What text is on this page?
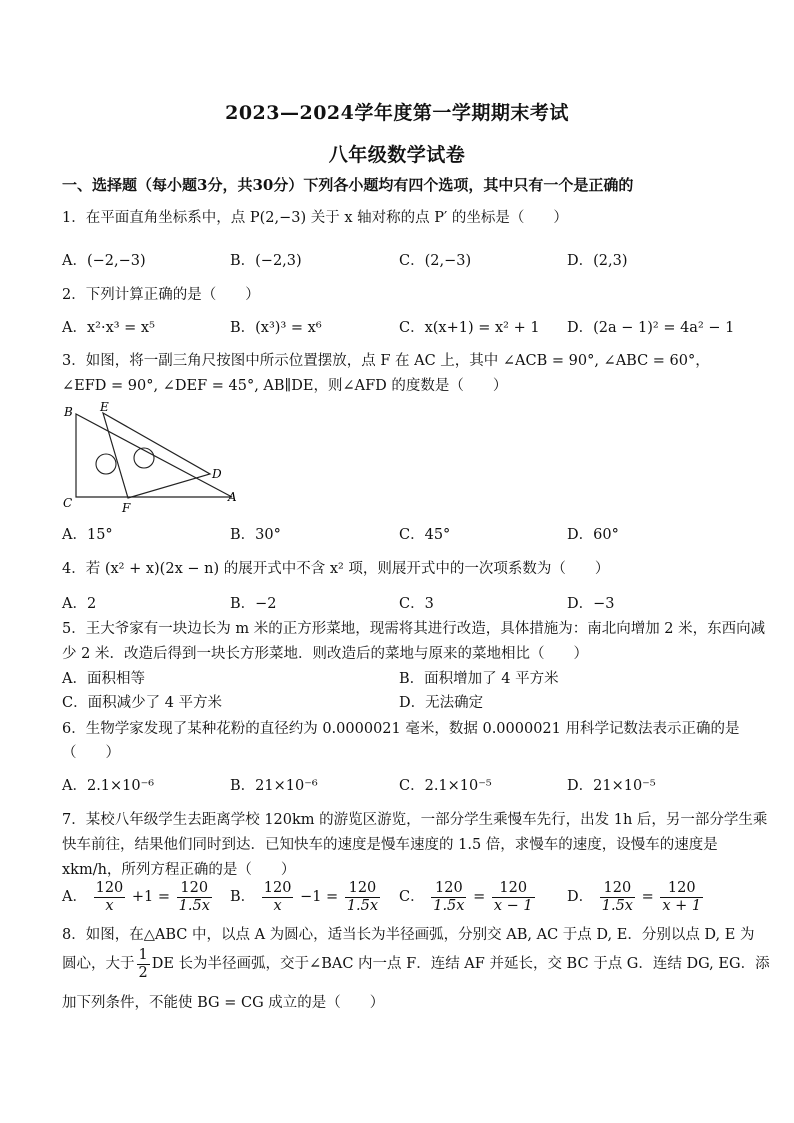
2023—2024学年度第一学期期末考试
八年级数学试卷
一、选择题（每小题3分，共30分）下列各小题均有四个选项，其中只有一个是正确的
1．在平面直角坐标系中，点 P(2,−3) 关于 x 轴对称的点 P′ 的坐标是（　　）
A．(−2,−3)	B．(−2,3)	C．(2,−3)	D．(2,3)
2．下列计算正确的是（　　）
A．x²·x³ = x⁵	B．(x³)³ = x⁶	C．x(x+1) = x² + 1 D．(2a − 1)² = 4a² − 1
3．如图，将一副三角尺按图中所示位置摆放，点 F 在 AC 上，其中 ∠ACB = 90°, ∠ABC = 60°，
∠EFD = 90°, ∠DEF = 45°, AB∥DE，则∠AFD 的度数是（　　）
B E
D
C	F
A
A．15°	B．30°	C．45°	D．60°
4．若 (x² + x)(2x − n) 的展开式中不含 x² 项，则展开式中的一次项系数为（　　）
A．2	B．−2	C．3	D．−3
5．王大爷家有一块边长为 m 米的正方形菜地，现需将其进行改造，具体措施为：南北向增加 2 米，东西向减
少 2 米．改造后得到一块长方形菜地．则改造后的菜地与原来的菜地相比（　　）
A．面积相等	B．面积增加了 4 平方米
C．面积减少了 4 平方米	D．无法确定
6．生物学家发现了某种花粉的直径约为 0.0000021 毫米，数据 0.0000021 用科学记数法表示正确的是
（　　）
A．2.1×10⁻⁶	B．21×10⁻⁶	C．2.1×10⁻⁵	D．21×10⁻⁵
7．某校八年级学生去距离学校 120km 的游览区游览，一部分学生乘慢车先行，出发 1h 后，另一部分学生乘
快车前往，结果他们同时到达．已知快车的速度是慢车速度的 1.5 倍，求慢车的速度，设慢车的速度是
xkm/h，所列方程正确的是（　　）
A． $\frac{120}{x} +1 = \frac{120}{1.5x}$ B． $\frac{120}{x} -1 = \frac{120}{1.5x}$ C． $\frac{120}{1.5x} = \frac{120}{x - 1}$ D． $\frac{120}{1.5x} = \frac{120}{x + 1}$
8．如图，在△ABC 中，以点 A 为圆心，适当长为半径画弧，分别交 AB, AC 于点 D, E．分别以点 D, E 为
圆心，大于 $\frac{1}{2}$ DE 长为半径画弧，交于∠BAC 内一点 F．连结 AF 并延长，交 BC 于点 G．连结 DG, EG．添
加下列条件，不能使 BG = CG 成立的是（　　）
